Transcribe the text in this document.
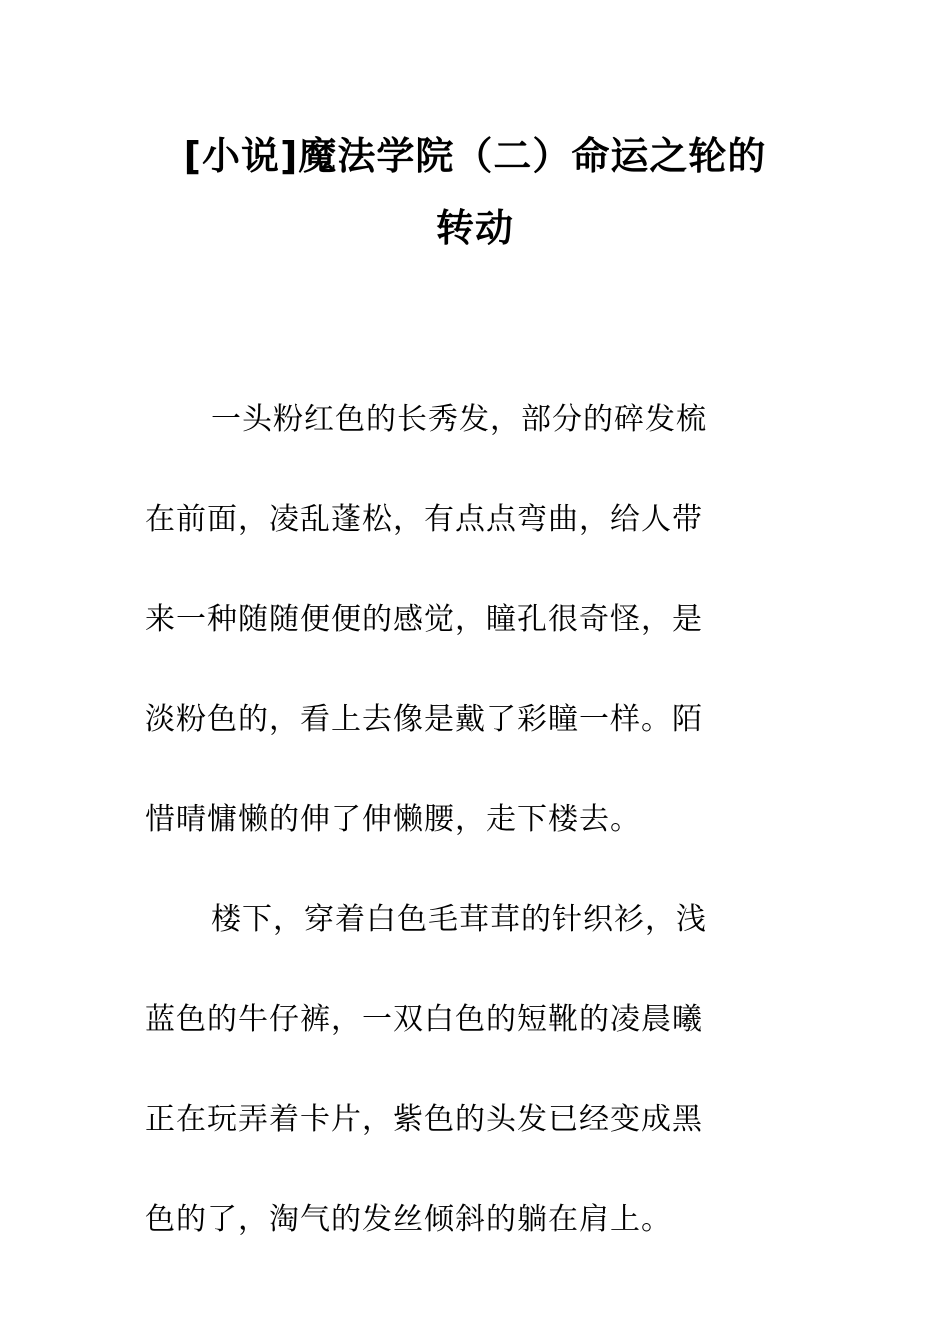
[小说]魔法学院（二）命运之轮的
转动

一头粉红色的长秀发，部分的碎发梳
在前面，凌乱蓬松，有点点弯曲，给人带
来一种随随便便的感觉，瞳孔很奇怪，是
淡粉色的，看上去像是戴了彩瞳一样。陌
惜晴慵懒的伸了伸懒腰，走下楼去。

楼下，穿着白色毛茸茸的针织衫，浅
蓝色的牛仔裤，一双白色的短靴的凌晨曦
正在玩弄着卡片，紫色的头发已经变成黑
色的了，淘气的发丝倾斜的躺在肩上。
